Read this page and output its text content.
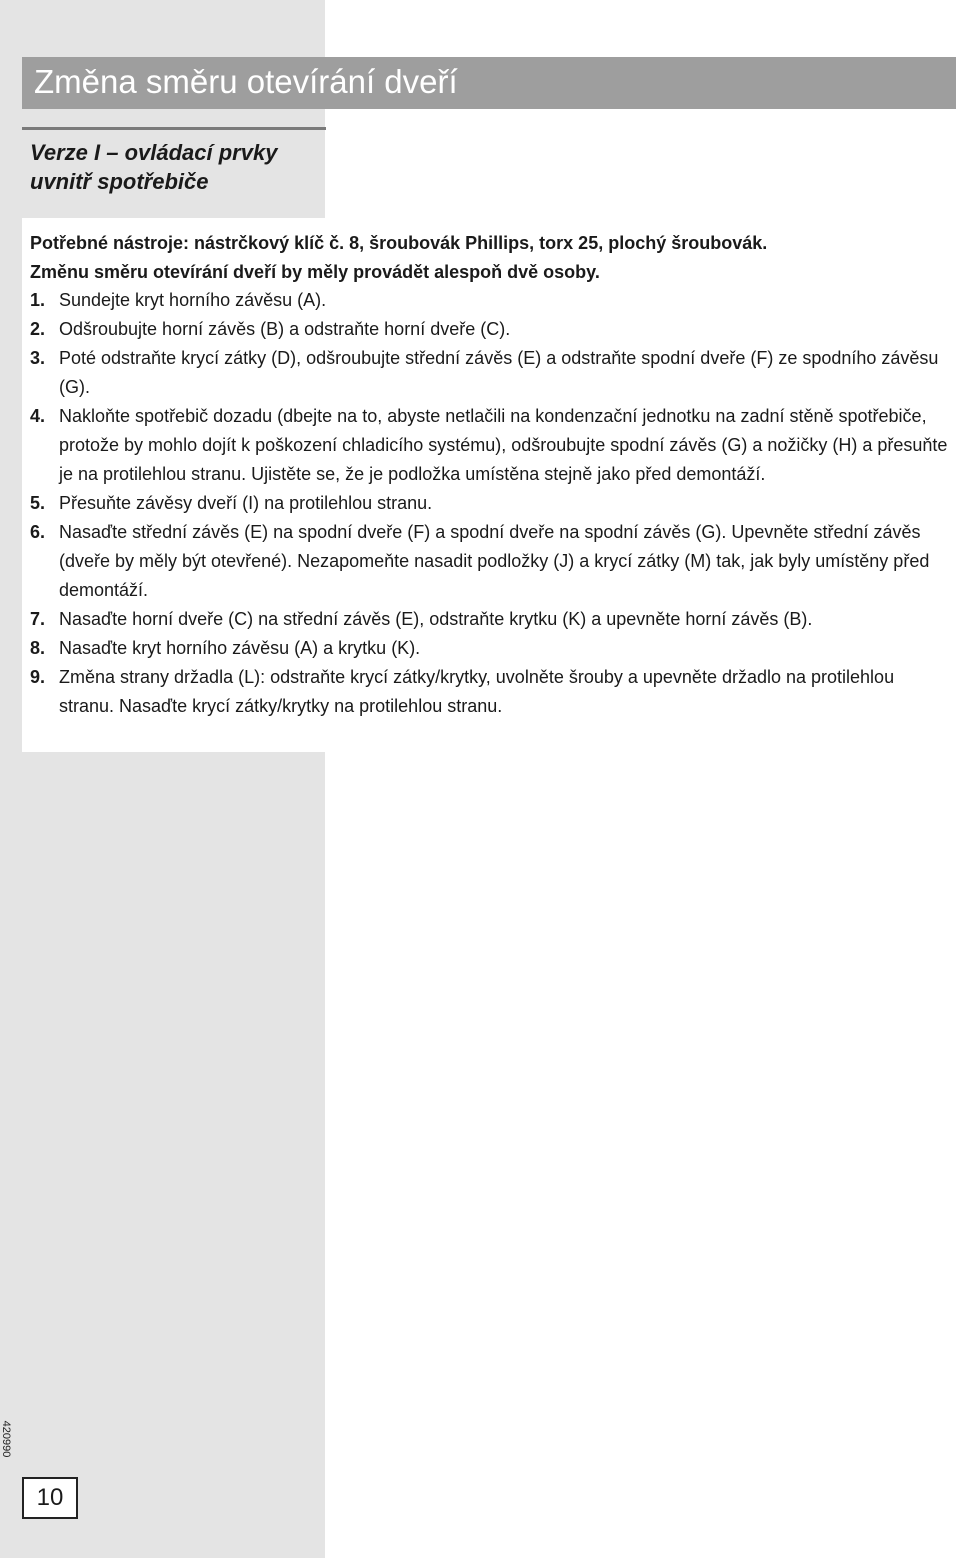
Změna směru otevírání dveří
Verze I – ovládací prvky
uvnitř spotřebiče

Potřebné nástroje: nástrčkový klíč č. 8, šroubovák Phillips, torx 25, plochý šroubovák.

Změnu směru otevírání dveří by měly provádět alespoň dvě osoby.

1. Sundejte kryt horního závěsu (A).
2. Odšroubujte horní závěs (B) a odstraňte horní dveře (C).
3. Poté odstraňte krycí zátky (D), odšroubujte střední závěs (E) a odstraňte spodní dveře (F) ze spodního závěsu (G).
4. Nakloňte spotřebič dozadu (dbejte na to, abyste netlačili na kondenzační jednotku na zadní stěně spotřebiče, protože by mohlo dojít k poškození chladicího systému), odšroubujte spodní závěs (G) a nožičky (H) a přesuňte je na protilehlou stranu. Ujistěte se, že je podložka umístěna stejně jako před demontáží.
5. Přesuňte závěsy dveří (I) na protilehlou stranu.
6. Nasaďte střední závěs (E) na spodní dveře (F) a spodní dveře na spodní závěs (G). Upevněte střední závěs (dveře by měly být otevřené). Nezapomeňte nasadit podložky (J) a krycí zátky (M) tak, jak byly umístěny před demontáží.
7. Nasaďte horní dveře (C) na střední závěs (E), odstraňte krytku (K) a upevněte horní závěs (B).
8. Nasaďte kryt horního závěsu (A) a krytku (K).
9. Změna strany držadla (L): odstraňte krycí zátky/krytky, uvolněte šrouby a upevněte držadlo na protilehlou stranu. Nasaďte krycí zátky/krytky na protilehlou stranu.
420990
10
